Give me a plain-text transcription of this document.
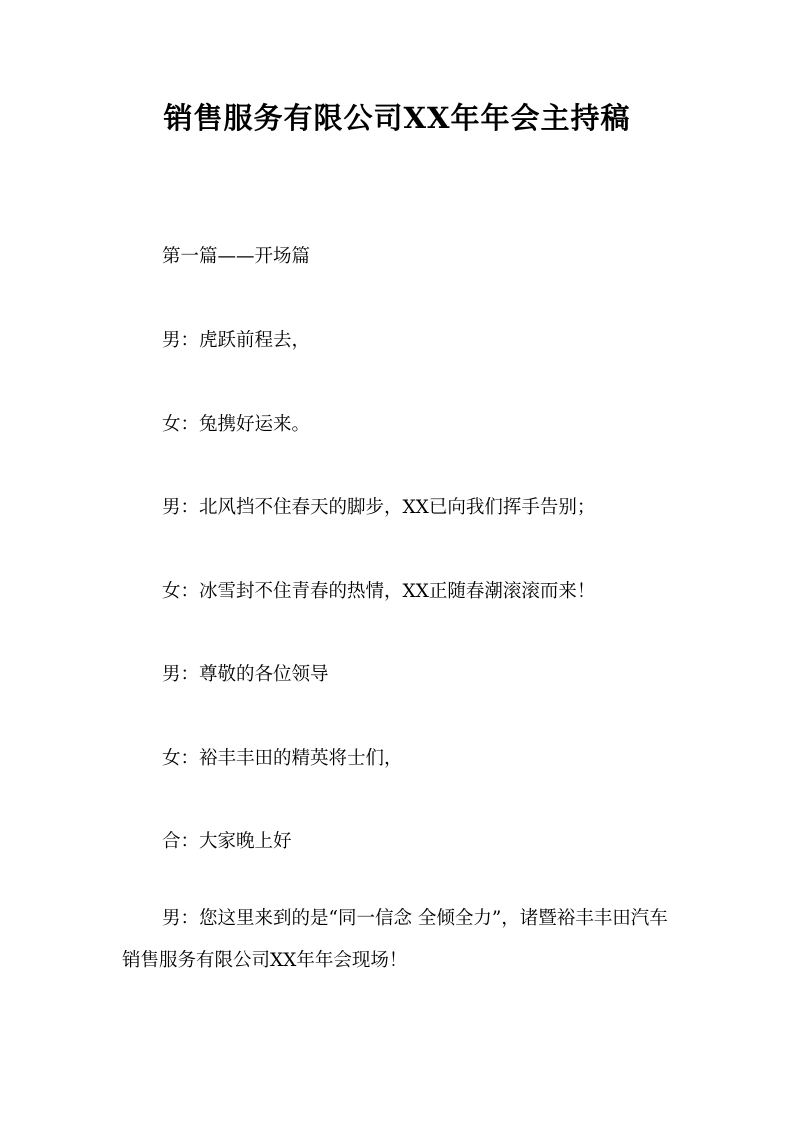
销售服务有限公司XX年年会主持稿

第一篇——开场篇

男：虎跃前程去，

女：兔携好运来。

男：北风挡不住春天的脚步，XX已向我们挥手告别；

女：冰雪封不住青春的热情，XX正随春潮滚滚而来！

男：尊敬的各位领导

女：裕丰丰田的精英将士们，

合：大家晚上好

男：您这里来到的是“同一信念 全倾全力”，诸暨裕丰丰田汽车销售服务有限公司XX年年会现场！
